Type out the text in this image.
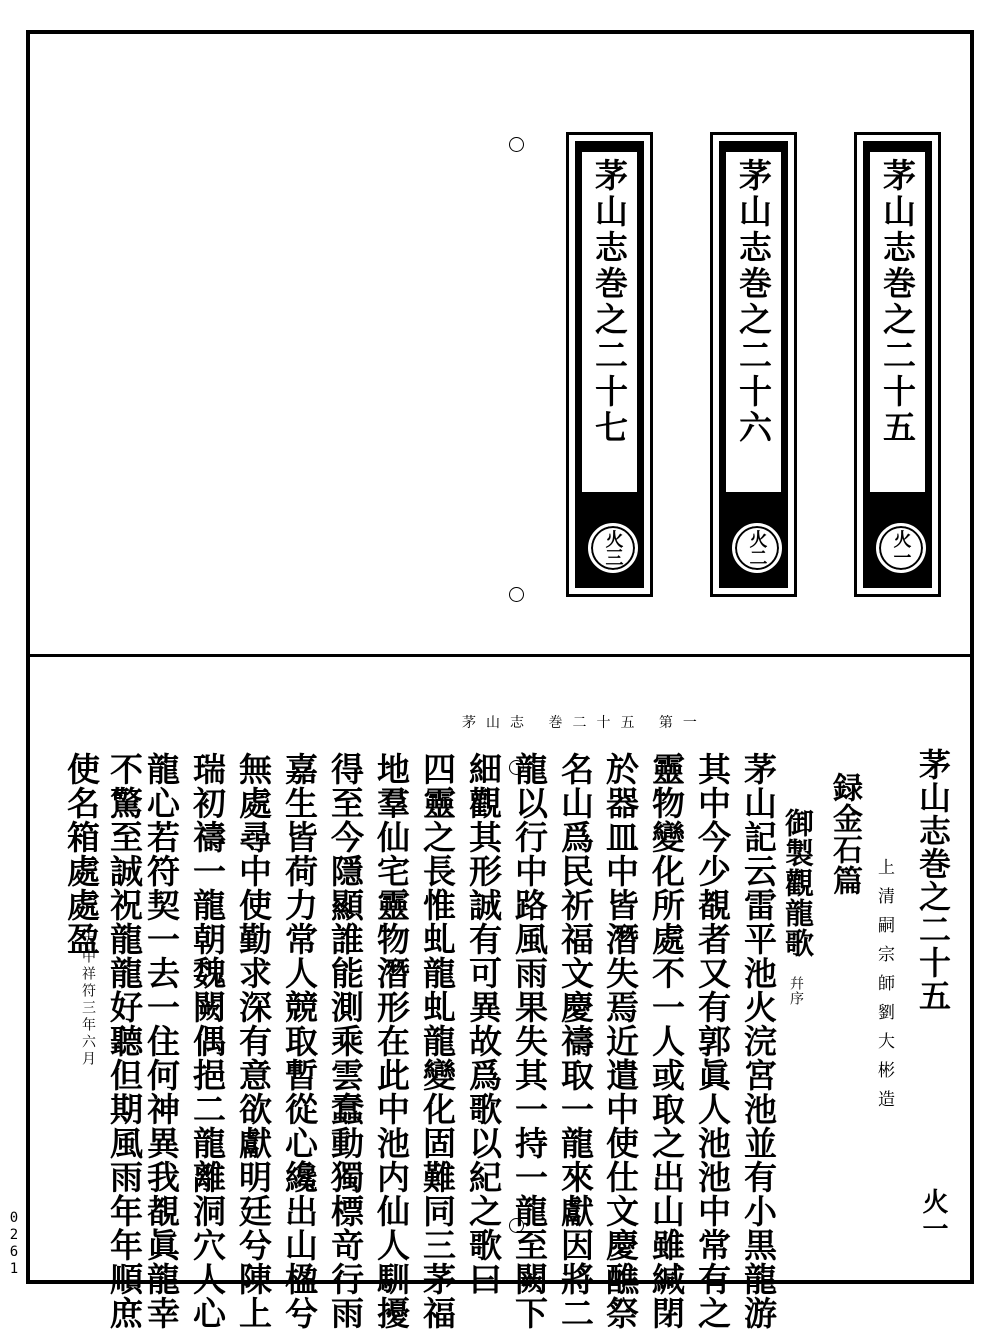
茅山志巻之二十七
火三
茅山志巻之二十六
火二
茅山志巻之二十五
火一
茅山志 巻二十五 第一
火一
茅山志巻之二十五
上清嗣宗師劉大彬造
録金石篇
御製觀龍歌
幷序
茅山記云雷平池火浣宮池並有小黒龍游
其中今少覩者又有郭眞人池池中常有之
靈物變化所處不一人或取之出山雖緘閉
於器皿中皆潛失焉近遣中使仕文慶醮祭
名山爲民祈福文慶禱取一龍來獻因將二
龍以行中路風雨果失其一持一龍至闕下
細觀其形誠有可異故爲歌以紀之歌曰
四靈之長惟虬龍虬龍變化固難同三茅福
地羣仙宅靈物潛形在此中池内仙人馴擾
得至今隱顯誰能測乘雲蠢動獨標竒行雨
嘉生皆荷力常人競取暫從心纔出山楹兮
無處尋中使勤求深有意欲獻明廷兮陳上
瑞初禱一龍朝魏闕偶挹二龍離洞穴人心
龍心若符契一去一住何神異我覩眞龍幸
不驚至誠祝龍龍好聽但期風雨年年順庶
使名箱處處盈
大中祥符三年六月
0261
